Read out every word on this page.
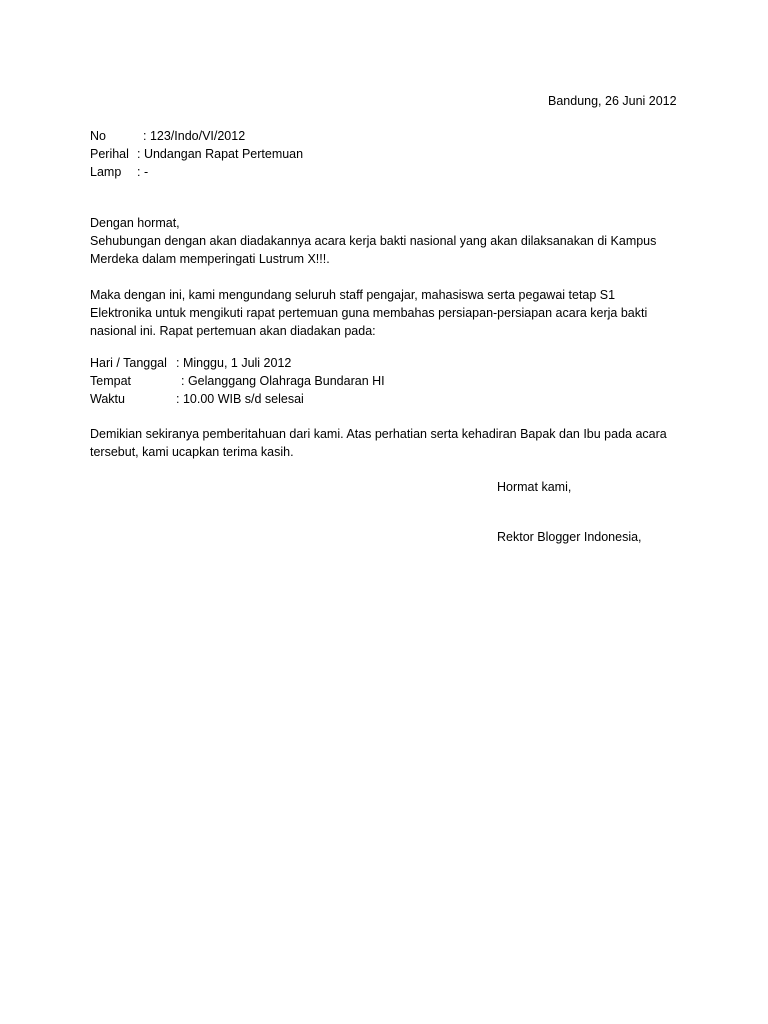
Bandung, 26 Juni 2012
No	: 123/Indo/VI/2012
Perihal : Undangan Rapat Pertemuan
Lamp : -
Dengan hormat,
Sehubungan dengan akan diadakannya acara kerja bakti nasional yang akan dilaksanakan di Kampus
Merdeka dalam memperingati Lustrum X!!!.
Maka dengan ini, kami mengundang seluruh staff pengajar, mahasiswa serta pegawai tetap S1
Elektronika untuk mengikuti rapat pertemuan guna membahas persiapan-persiapan acara kerja bakti
nasional ini. Rapat pertemuan akan diadakan pada:
Hari / Tanggal : Minggu, 1 Juli 2012
Tempat	: Gelanggang Olahraga Bundaran HI
Waktu	: 10.00 WIB s/d selesai
Demikian sekiranya pemberitahuan dari kami. Atas perhatian serta kehadiran Bapak dan Ibu pada acara
tersebut, kami ucapkan terima kasih.
Hormat kami,
Rektor Blogger Indonesia,
